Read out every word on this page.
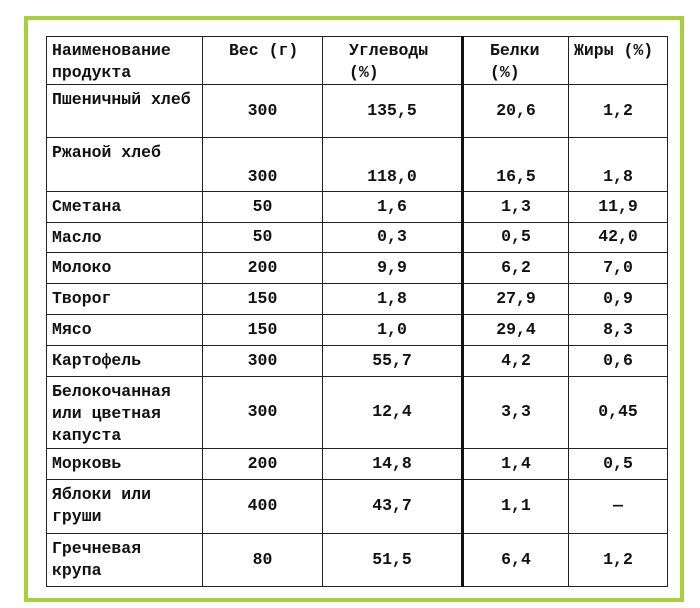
Наименование продукта	Вес (г)	Углеводы (%)	Белки (%)	Жиры (%)
Пшеничный хлеб	300	135,5	20,6	1,2
Ржаной хлеб	300	118,0	16,5	1,8
Сметана	50	1,6	1,3	11,9
Масло	50	0,3	0,5	42,0
Молоко	200	9,9	6,2	7,0
Творог	150	1,8	27,9	0,9
Мясо	150	1,0	29,4	8,3
Картофель	300	55,7	4,2	0,6
Белокочанная или цветная капуста	300	12,4	3,3	0,45
Морковь	200	14,8	1,4	0,5
Яблоки или груши	400	43,7	1,1	—
Гречневая крупа	80	51,5	6,4	1,2
